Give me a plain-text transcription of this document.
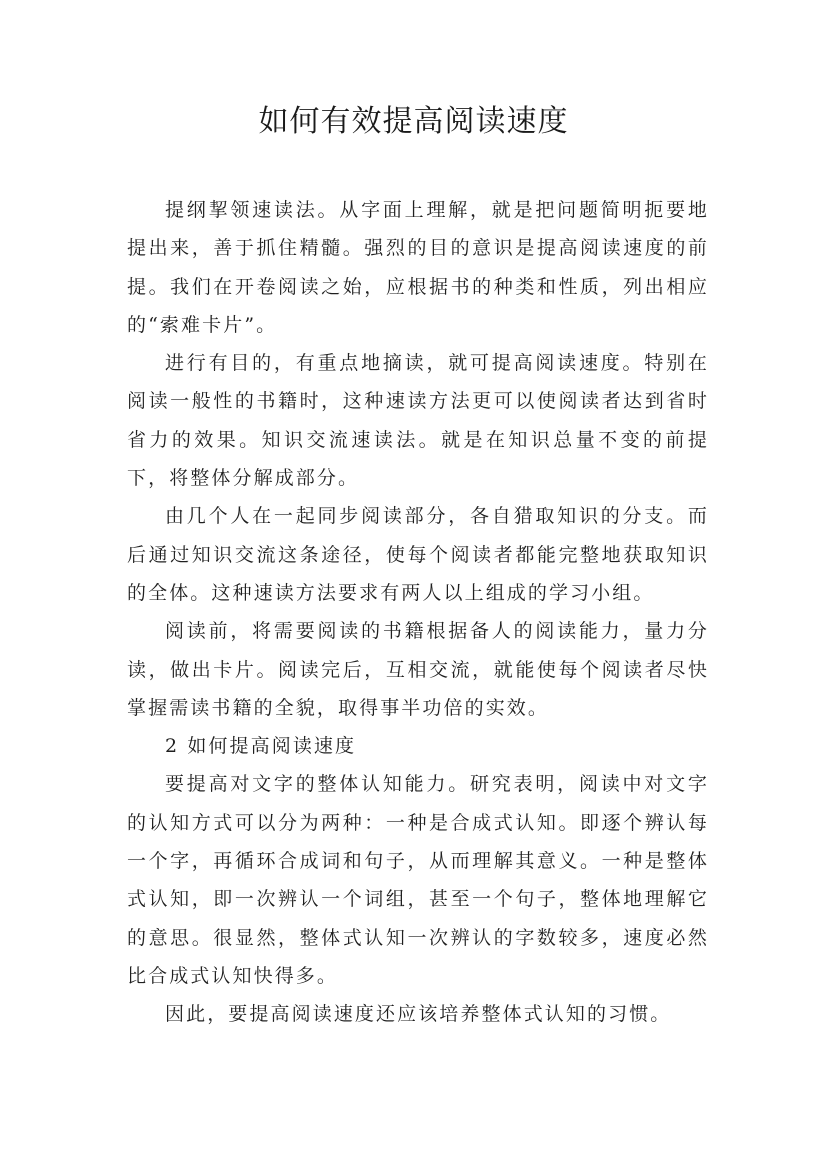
如何有效提高阅读速度

提纲挈领速读法。从字面上理解，就是把问题简明扼要地提出来，善于抓住精髓。强烈的目的意识是提高阅读速度的前提。我们在开卷阅读之始，应根据书的种类和性质，列出相应的“索难卡片”。

进行有目的，有重点地摘读，就可提高阅读速度。特别在阅读一般性的书籍时，这种速读方法更可以使阅读者达到省时省力的效果。知识交流速读法。就是在知识总量不变的前提下，将整体分解成部分。

由几个人在一起同步阅读部分，各自猎取知识的分支。而后通过知识交流这条途径，使每个阅读者都能完整地获取知识的全体。这种速读方法要求有两人以上组成的学习小组。

阅读前，将需要阅读的书籍根据备人的阅读能力，量力分读，做出卡片。阅读完后，互相交流，就能使每个阅读者尽快掌握需读书籍的全貌，取得事半功倍的实效。

2 如何提高阅读速度

要提高对文字的整体认知能力。研究表明，阅读中对文字的认知方式可以分为两种：一种是合成式认知。即逐个辨认每一个字，再循环合成词和句子，从而理解其意义。一种是整体式认知，即一次辨认一个词组，甚至一个句子，整体地理解它的意思。很显然，整体式认知一次辨认的字数较多，速度必然比合成式认知快得多。

因此，要提高阅读速度还应该培养整体式认知的习惯。
